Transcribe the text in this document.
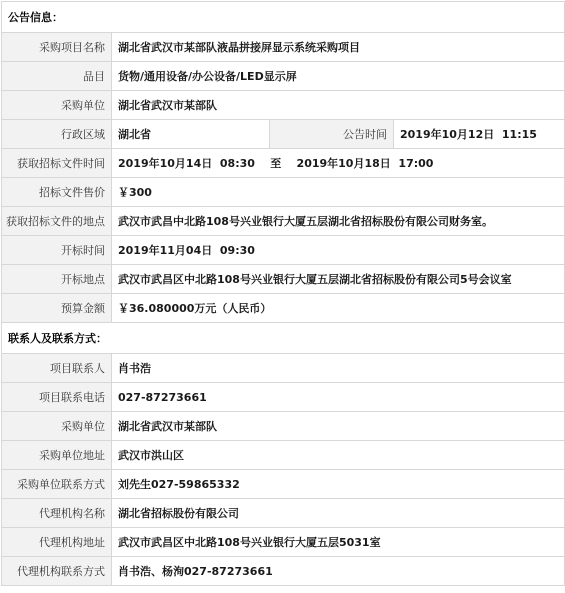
公告信息：			
采购项目名称	湖北省武汉市某部队液晶拼接屏显示系统采购项目		
品目	货物/通用设备/办公设备/LED显示屏		
采购单位	湖北省武汉市某部队		
行政区域	湖北省	公告时间	2019年10月12日  11:15
获取招标文件时间	2019年10月14日  08:30    至    2019年10月18日  17:00		
招标文件售价	￥300		
获取招标文件的地点	武汉市武昌中北路108号兴业银行大厦五层湖北省招标股份有限公司财务室。		
开标时间	2019年11月04日  09:30		
开标地点	武汉市武昌区中北路108号兴业银行大厦五层湖北省招标股份有限公司5号会议室		
预算金额	￥36.080000万元（人民币）		
联系人及联系方式：			
项目联系人	肖书浩		
项目联系电话	027-87273661		
采购单位	湖北省武汉市某部队		
采购单位地址	武汉市洪山区		
采购单位联系方式	刘先生027-59865332		
代理机构名称	湖北省招标股份有限公司		
代理机构地址	武汉市武昌区中北路108号兴业银行大厦五层5031室		
代理机构联系方式	肖书浩、杨洵027-87273661		
